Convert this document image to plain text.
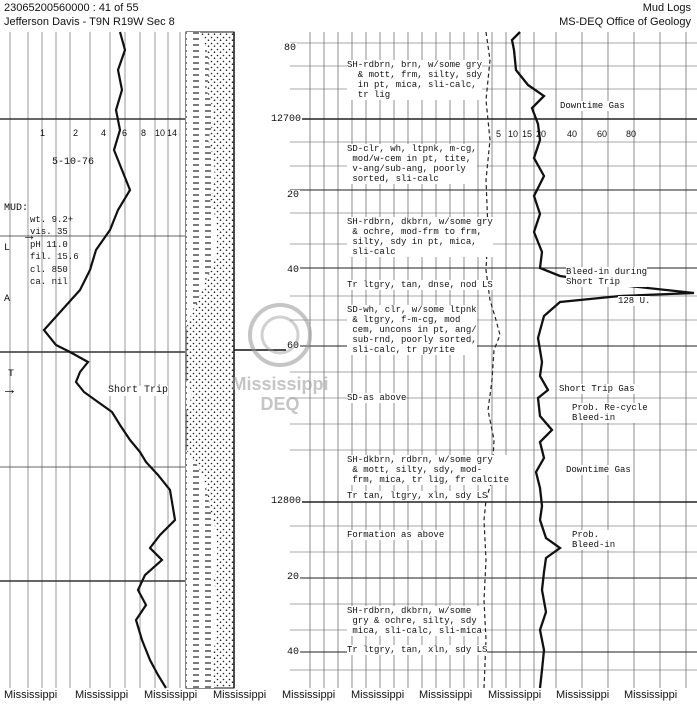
23065200560000 : 41 of 55
Jefferson Davis - T9N R19W Sec 8
Mud Logs
MS-DEQ Office of Geology
1	2	4 6 8 10 14
5-10-76
MUD:
wt. 9.2+
vis. 35
pH 11.0
fil. 15.6
cl. 850
ca. nil
→
L
A
T
→	Short Trip
80
12700
20
40
60
12800
20
40
5 10 15 20 40 60 80
SH-rdbrn, brn, w/some gry
& mott, frm, silty, sdy
in pt, mica, sli-calc,
tr lig
SD-clr, wh, ltpnk, m-cg,
mod/w-cem in pt, tite,
v-ang/sub-ang, poorly
sorted, sli-calc
SH-rdbrn, dkbrn, w/some gry
& ochre, mod-frm to frm,
silty, sdy in pt, mica,
sli-calc
Tr ltgry, tan, dnse, nod LS
SD-wh, clr, w/some ltpnk
& ltgry, f-m-cg, mod
cem, uncons in pt, ang/
sub-rnd, poorly sorted,
sli-calc, tr pyrite
SD-as above
SH-dkbrn, rdbrn, w/some gry
& mott, silty, sdy, mod-
frm, mica, tr lig, fr calcite
Tr tan, ltgry, xln, sdy LS
Formation as above
SH-rdbrn, dkbrn, w/some
gry & ochre, silty, sdy
mica, sli-calc, sli-mica
Tr ltgry, tan, xln, sdy LS
Downtime Gas
Bleed-in during
Short Trip
128 U.
Short Trip Gas
Prob. Re-cycle
Bleed-in
Downtime Gas
Prob.
Bleed-in
Mississippi
DEQ
Mississippi Mississippi Mississippi Mississippi Mississippi Mississippi Mississippi Mississippi Mississippi Mississippi
